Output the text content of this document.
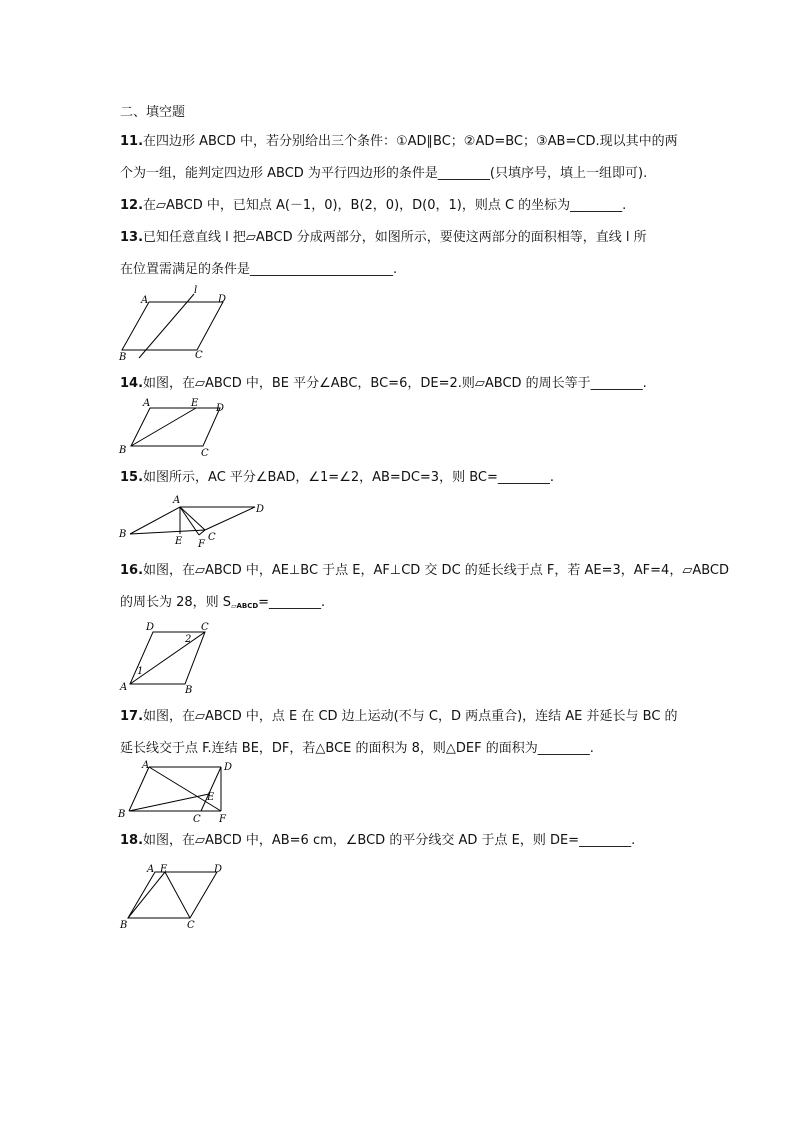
二、填空题
11.在四边形 ABCD 中，若分别给出三个条件：①AD∥BC；②AD=BC；③AB=CD.现以其中的两
个为一组，能判定四边形 ABCD 为平行四边形的条件是________(只填序号，填上一组即可).
12.在▱ABCD 中，已知点 A(－1，0)，B(2，0)，D(0，1)，则点 C 的坐标为________.
13.已知任意直线 l 把▱ABCD 分成两部分，如图所示，要使这两部分的面积相等，直线 l 所
在位置需满足的条件是______________________.
A	D
B	C
l
14.如图，在▱ABCD 中，BE 平分∠ABC，BC=6，DE=2.则▱ABCD 的周长等于________.
A	E D
B	C
15.如图所示，AC 平分∠BAD，∠1=∠2，AB=DC=3，则 BC=________.
A
B
D
E F
C
16.如图，在▱ABCD 中，AE⊥BC 于点 E，AF⊥CD 交 DC 的延长线于点 F，若 AE=3，AF=4，▱ABCD
的周长为 28，则 $S_{▱ABCD}=\_\_\_\_\_\_\_\_$.
D	C
A	B
1
2
17.如图，在▱ABCD 中，点 E 在 CD 边上运动(不与 C，D 两点重合)，连结 AE 并延长与 BC 的
延长线交于点 F.连结 BE，DF，若△BCE 的面积为 8，则△DEF 的面积为________.
A	D
B
E
C F
18.如图，在▱ABCD 中，AB=6 cm，∠BCD 的平分线交 AD 于点 E，则 DE=________.
A E	D
B	C
